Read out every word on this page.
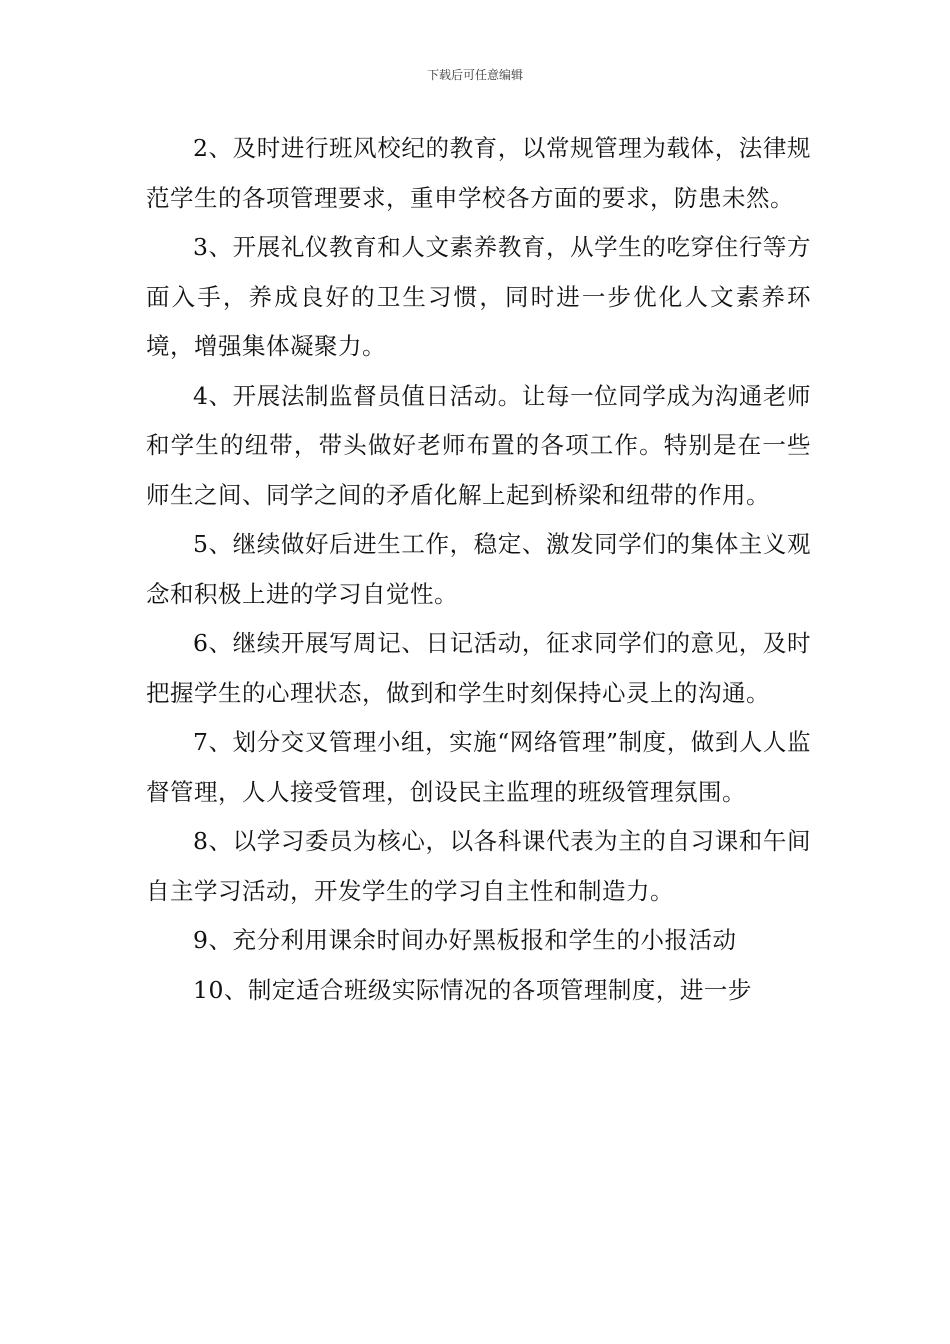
下载后可任意编辑

2、及时进行班风校纪的教育，以常规管理为载体，法律规范学生的各项管理要求，重申学校各方面的要求，防患未然。

3、开展礼仪教育和人文素养教育，从学生的吃穿住行等方面入手，养成良好的卫生习惯，同时进一步优化人文素养环境，增强集体凝聚力。

4、开展法制监督员值日活动。让每一位同学成为沟通老师和学生的纽带，带头做好老师布置的各项工作。特别是在一些师生之间、同学之间的矛盾化解上起到桥梁和纽带的作用。

5、继续做好后进生工作，稳定、激发同学们的集体主义观念和积极上进的学习自觉性。

6、继续开展写周记、日记活动，征求同学们的意见，及时把握学生的心理状态，做到和学生时刻保持心灵上的沟通。

7、划分交叉管理小组，实施“网络管理”制度，做到人人监督管理，人人接受管理，创设民主监理的班级管理氛围。

8、以学习委员为核心，以各科课代表为主的自习课和午间自主学习活动，开发学生的学习自主性和制造力。

9、充分利用课余时间办好黑板报和学生的小报活动

10、制定适合班级实际情况的各项管理制度，进一步
